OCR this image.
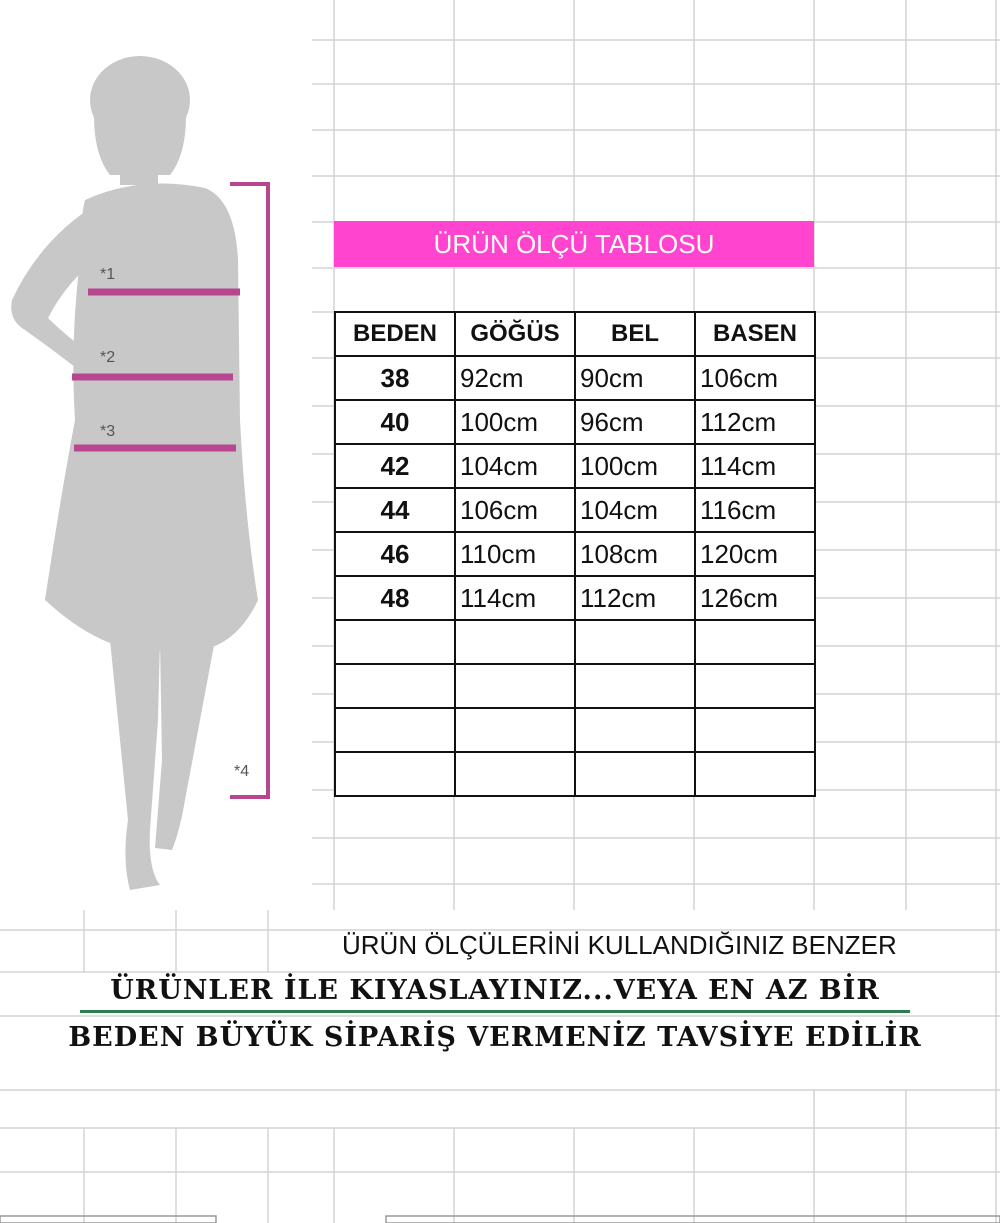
*1
*2
*3
*4
ÜRÜN ÖLÇÜ TABLOSU
BEDEN	GÖĞÜS	BEL	BASEN
38	92cm	90cm	106cm
40	100cm	96cm	112cm
42	104cm	100cm	114cm
44	106cm	104cm	116cm
46	110cm	108cm	120cm
48	114cm	112cm	126cm

ÜRÜN ÖLÇÜLERİNİ KULLANDIĞINIZ BENZER
ÜRÜNLER İLE KIYASLAYINIZ...VEYA EN AZ BİR
BEDEN BÜYÜK SİPARİŞ VERMENİZ TAVSİYE EDİLİR
